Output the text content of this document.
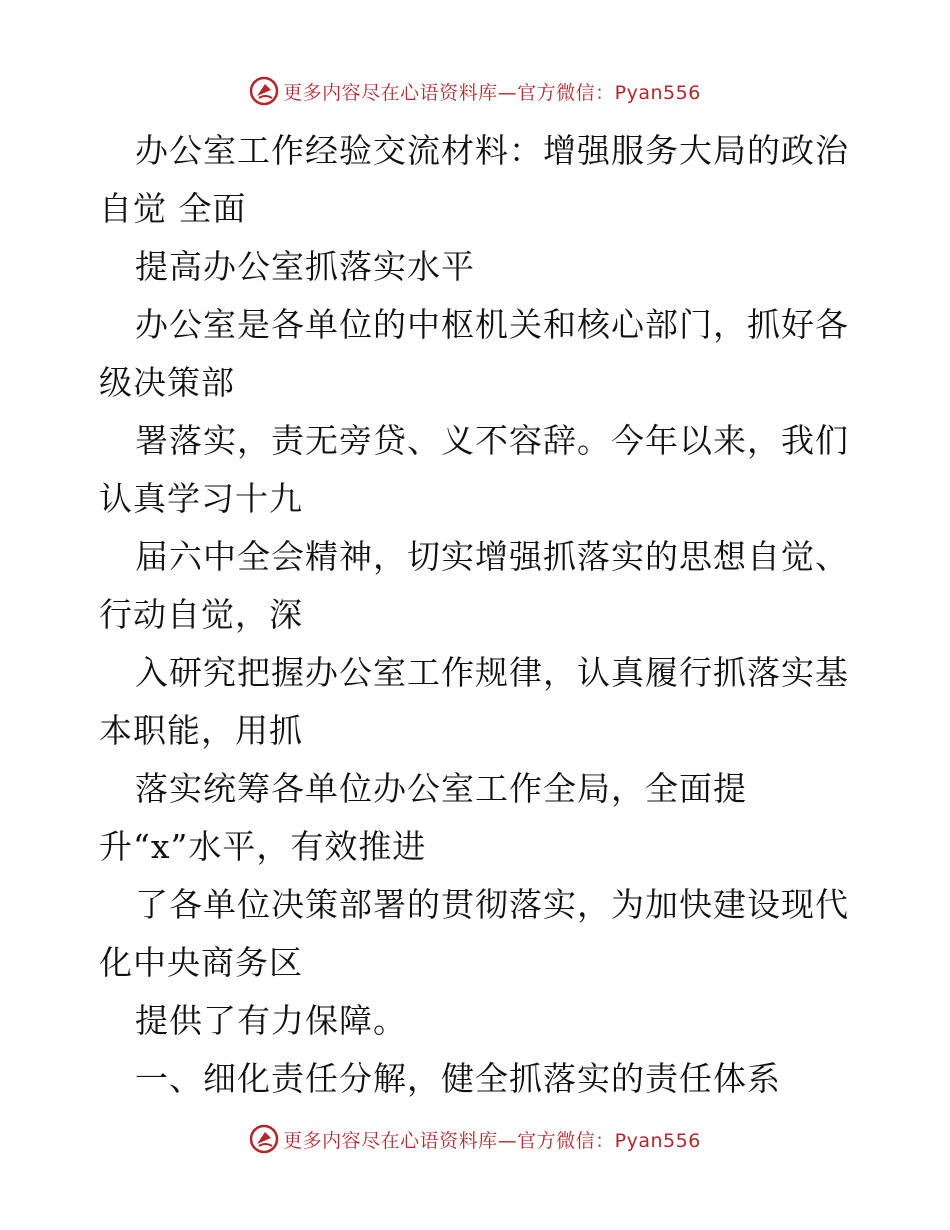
更多内容尽在心语资料库—官方微信：Pyan556
办公室工作经验交流材料：增强服务大局的政治
自觉 全面
提高办公室抓落实水平
办公室是各单位的中枢机关和核心部门，抓好各
级决策部
署落实，责无旁贷、义不容辞。今年以来，我们
认真学习十九
届六中全会精神，切实增强抓落实的思想自觉、
行动自觉，深
入研究把握办公室工作规律，认真履行抓落实基
本职能，用抓
落实统筹各单位办公室工作全局，全面提
升“x”水平，有效推进
了各单位决策部署的贯彻落实，为加快建设现代
化中央商务区
提供了有力保障。
一、细化责任分解，健全抓落实的责任体系
更多内容尽在心语资料库—官方微信：Pyan556
